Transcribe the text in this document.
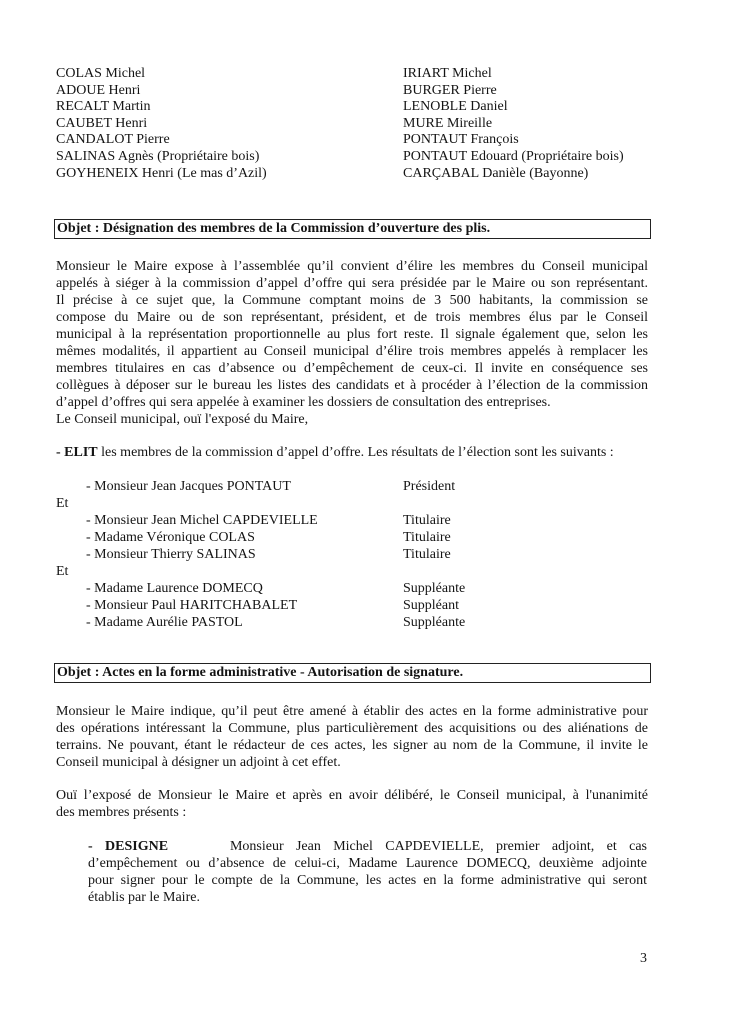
COLAS Michel
ADOUE Henri
RECALT Martin
CAUBET Henri
CANDALOT Pierre
SALINAS Agnès (Propriétaire bois)
GOYHENEIX Henri (Le mas d’Azil)
IRIART Michel
BURGER Pierre
LENOBLE Daniel
MURE Mireille
PONTAUT François
PONTAUT Edouard (Propriétaire bois)
CARÇABAL Danièle (Bayonne)
Objet : Désignation des membres de la Commission d’ouverture des plis.
Monsieur le Maire expose à l’assemblée qu’il convient d’élire les membres du Conseil municipal
appelés à siéger à la commission d’appel d’offre qui sera présidée par le Maire ou son représentant.
Il précise à ce sujet que, la Commune comptant moins de 3 500 habitants, la commission se
compose du Maire ou de son représentant, président, et de trois membres élus par le Conseil
municipal à la représentation proportionnelle au plus fort reste. Il signale également que, selon les
mêmes modalités, il appartient au Conseil municipal d’élire trois membres appelés à remplacer les
membres titulaires en cas d’absence ou d’empêchement de ceux-ci. Il invite en conséquence ses
collègues à déposer sur le bureau les listes des candidats et à procéder à l’élection de la commission
d’appel d’offres qui sera appelée à examiner les dossiers de consultation des entreprises.
Le Conseil municipal, ouï l'exposé du Maire,
- ELIT les membres de la commission d’appel d’offre. Les résultats de l’élection sont les suivants :
- Monsieur Jean Jacques PONTAUT	Président
Et
- Monsieur Jean Michel CAPDEVIELLE	Titulaire
- Madame Véronique COLAS	Titulaire
- Monsieur Thierry SALINAS	Titulaire
Et
- Madame Laurence DOMECQ	Suppléante
- Monsieur Paul HARITCHABALET	Suppléant
- Madame Aurélie PASTOL	Suppléante
Objet : Actes en la forme administrative - Autorisation de signature.
Monsieur le Maire indique, qu’il peut être amené à établir des actes en la forme administrative pour
des opérations intéressant la Commune, plus particulièrement des acquisitions ou des aliénations de
terrains. Ne pouvant, étant le rédacteur de ces actes, les signer au nom de la Commune, il invite le
Conseil municipal à désigner un adjoint à cet effet.
Ouï l’exposé de Monsieur le Maire et après en avoir délibéré, le Conseil municipal, à l'unanimité
des membres présents :
- DESIGNE	Monsieur Jean Michel CAPDEVIELLE, premier adjoint, et cas
d’empêchement ou d’absence de celui-ci, Madame Laurence DOMECQ, deuxième adjointe
pour signer pour le compte de la Commune, les actes en la forme administrative qui seront
établis par le Maire.
3
